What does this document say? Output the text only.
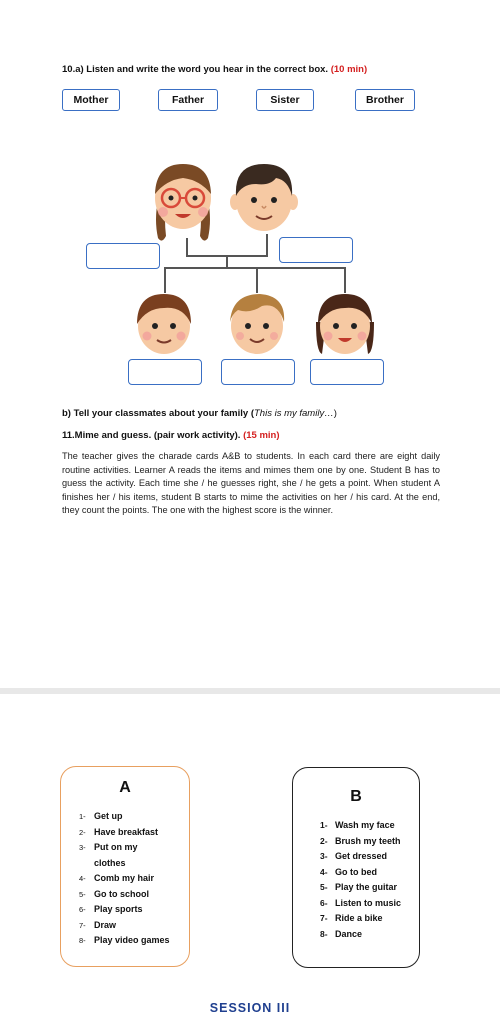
10.a) Listen and write the word you hear in the correct box. (10 min)
Mother	Father	Sister	Brother
b) Tell your classmates about your family (This is my family…)
11.Mime and guess. (pair work activity). (15 min)
The teacher gives the charade cards A&B to students. In each card there are eight daily routine activities. Learner A reads the items and mimes them one by one. Student B has to guess the activity. Each time she / he guesses right, she / he gets a point. When student A finishes her / his items, student B starts to mime the activities on her / his card. At the end, they count the points. The one with the highest score is the winner.
A
1- Get up
2- Have breakfast
3- Put on my clothes
4- Comb my hair
5- Go to school
6- Play sports
7- Draw
8- Play video games
B
1- Wash my face
2- Brush my teeth
3- Get dressed
4- Go to bed
5- Play the guitar
6- Listen to music
7- Ride a bike
8- Dance
SESSION III
